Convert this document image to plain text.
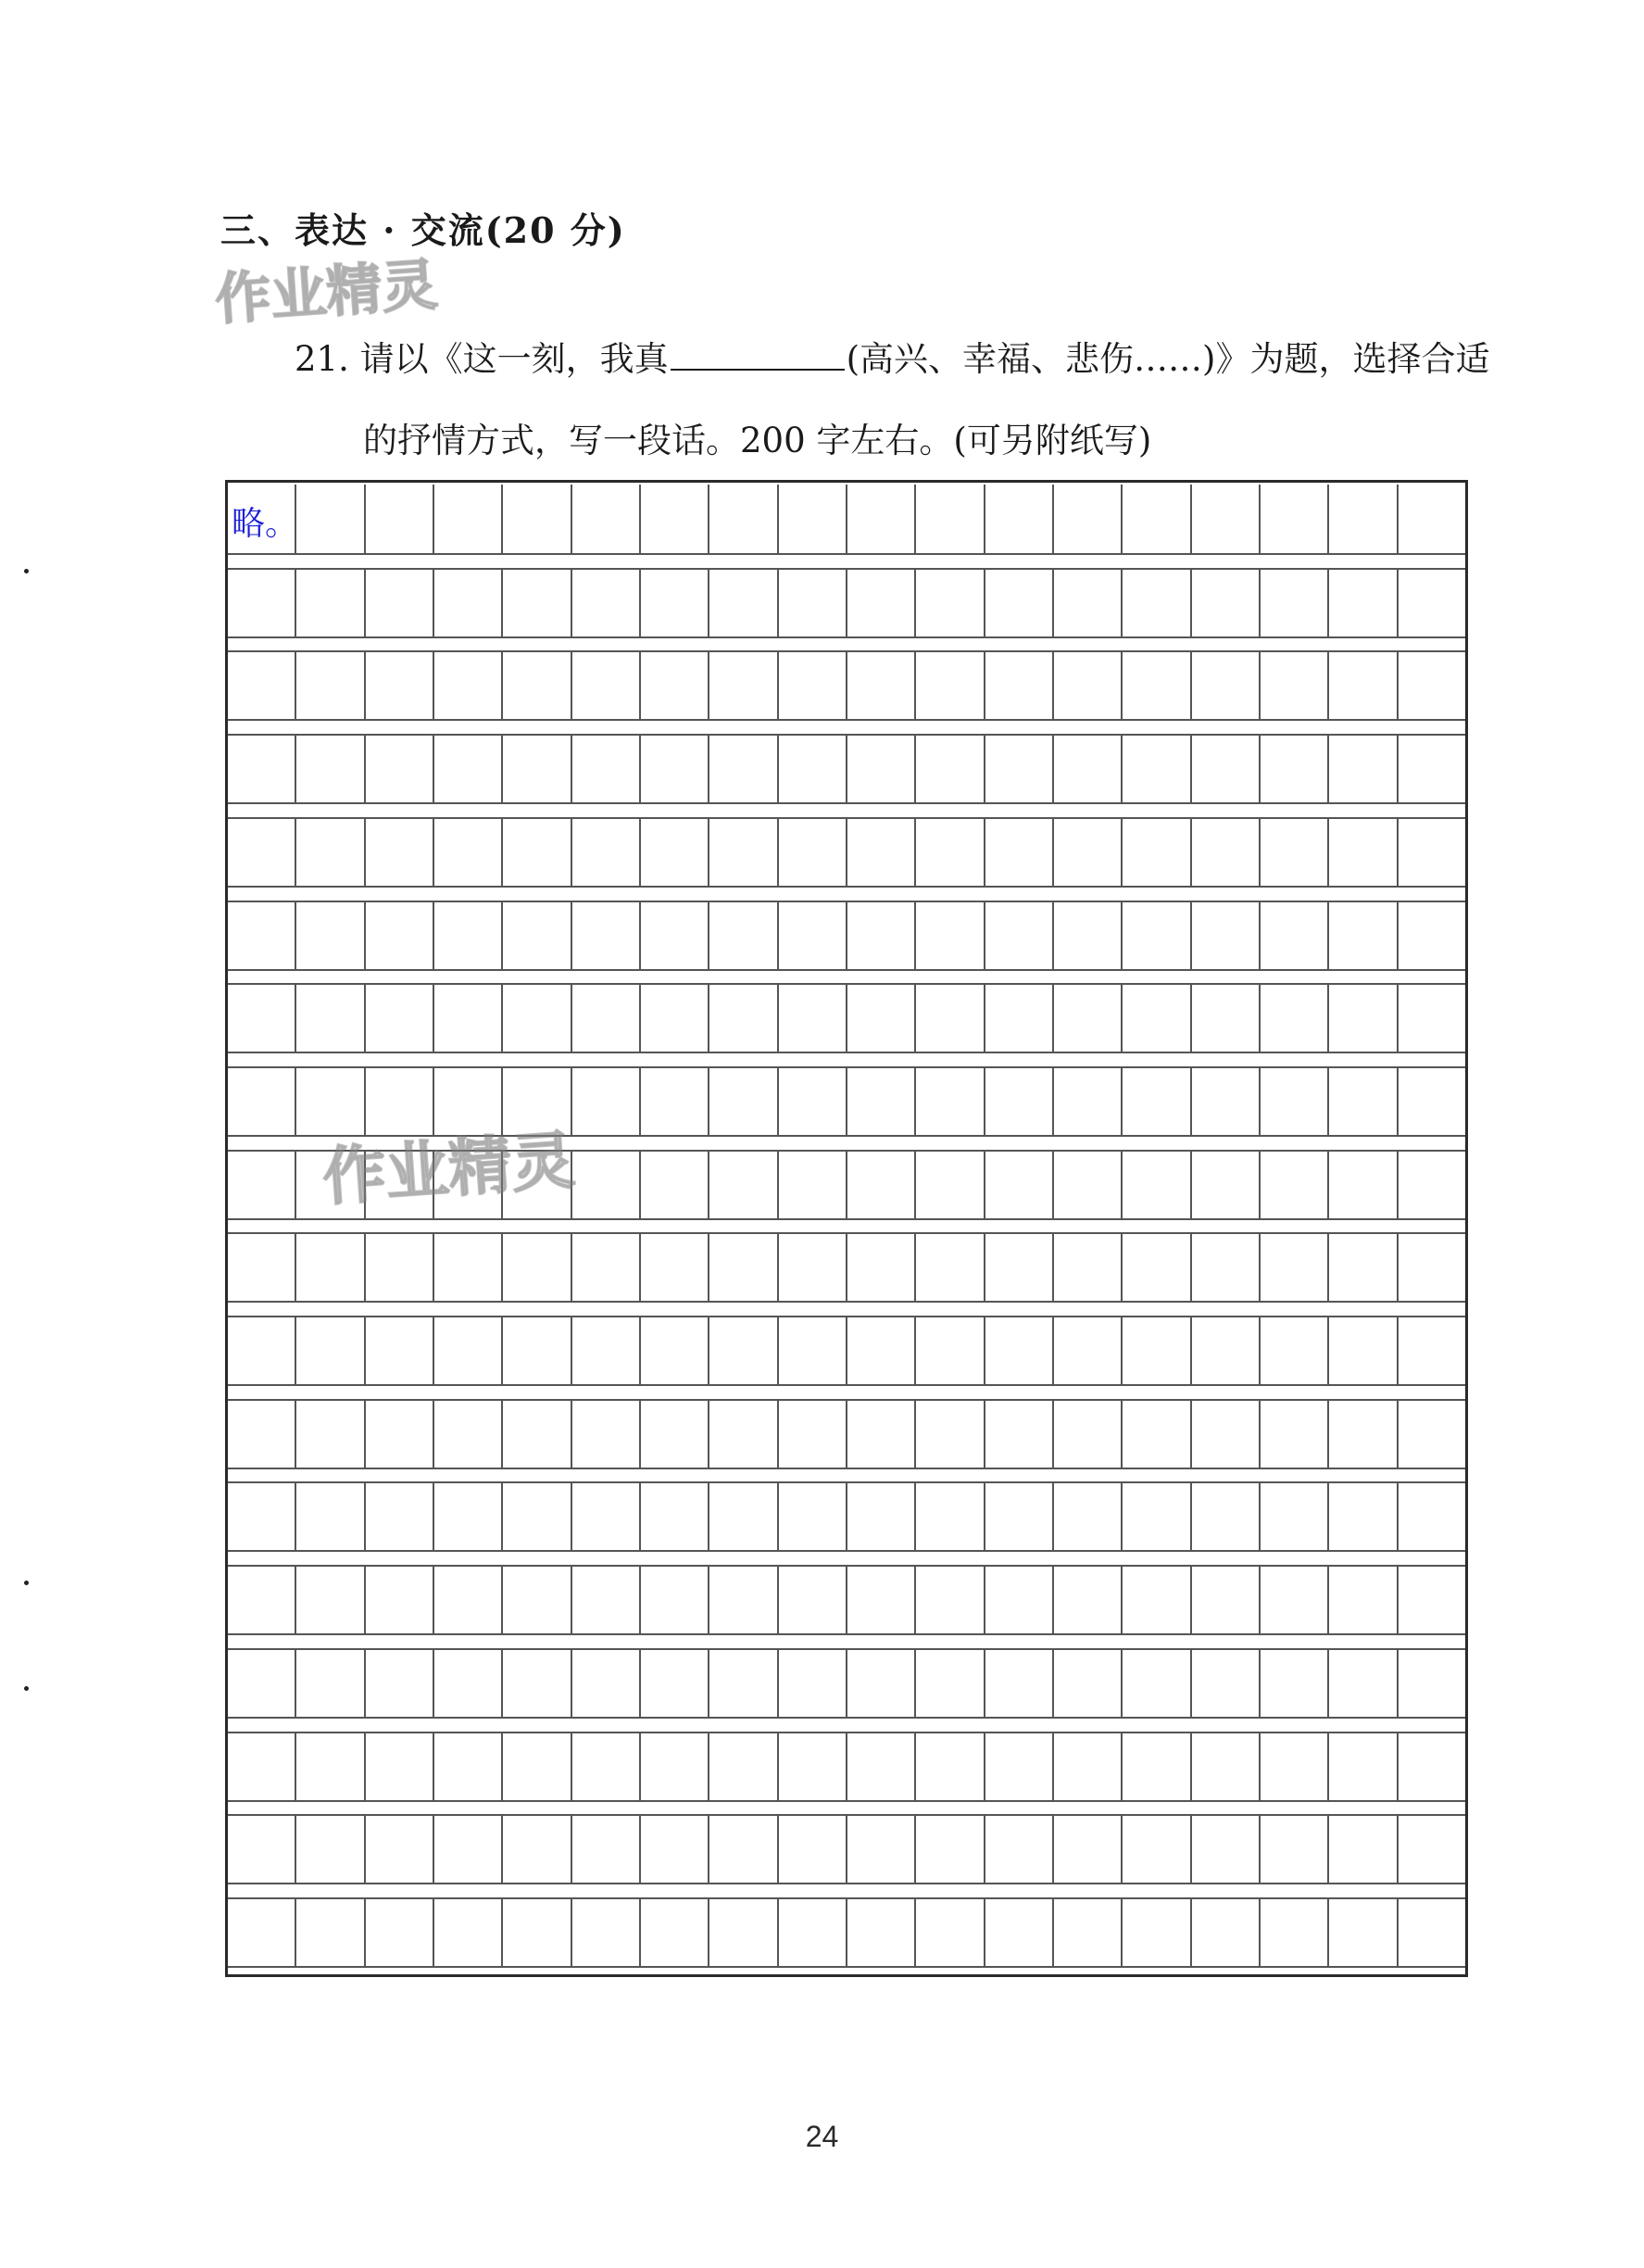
三、表达 · 交流(20 分)
作业精灵
21. 请以《这一刻，我真	(高兴、幸福、悲伤……)》为题，选择合适
的抒情方式，写一段话。200 字左右。(可另附纸写)
略。
作业精灵
24
